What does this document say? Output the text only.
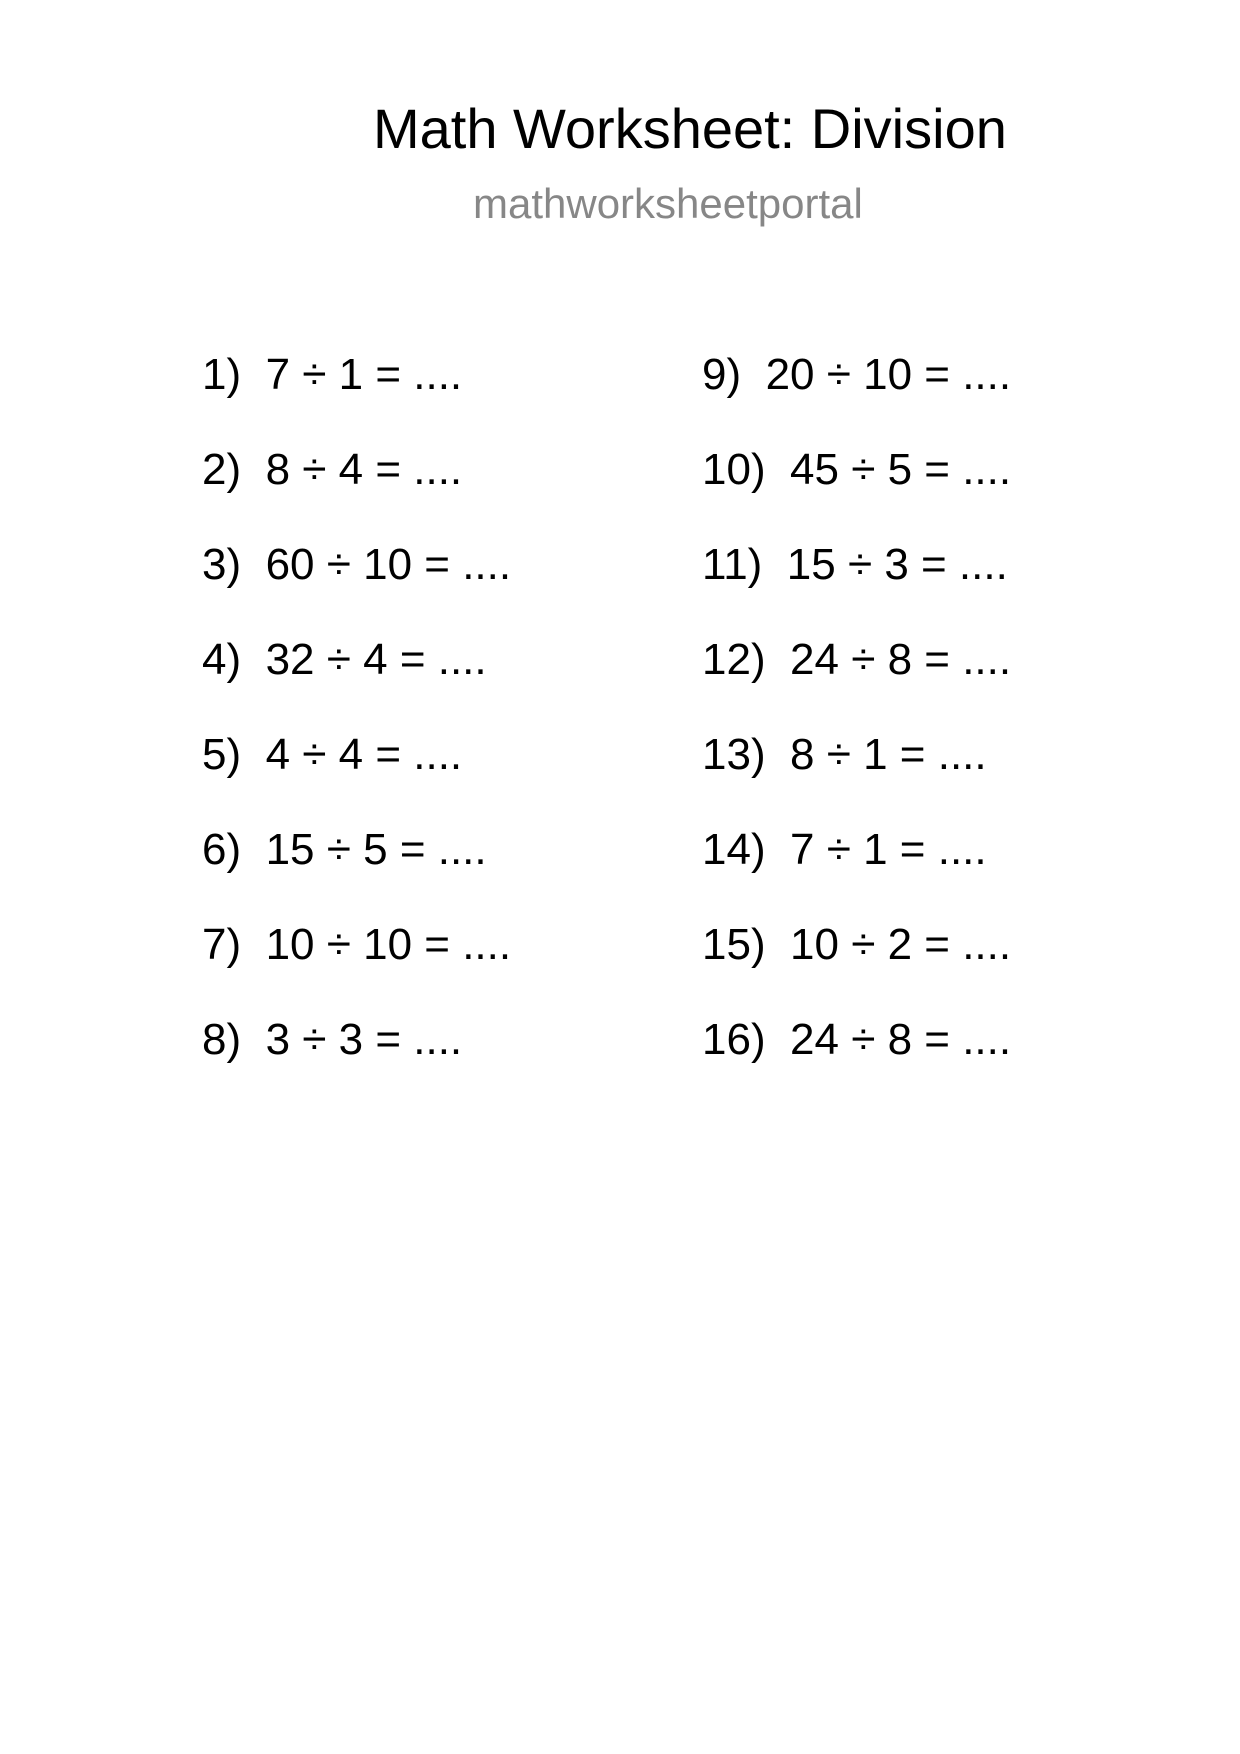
Math Worksheet: Division
mathworksheetportal
1) 7 ÷ 1 = ....
2) 8 ÷ 4 = ....
3) 60 ÷ 10 = ....
4) 32 ÷ 4 = ....
5) 4 ÷ 4 = ....
6) 15 ÷ 5 = ....
7) 10 ÷ 10 = ....
8) 3 ÷ 3 = ....
9) 20 ÷ 10 = ....
10) 45 ÷ 5 = ....
11) 15 ÷ 3 = ....
12) 24 ÷ 8 = ....
13) 8 ÷ 1 = ....
14) 7 ÷ 1 = ....
15) 10 ÷ 2 = ....
16) 24 ÷ 8 = ....
